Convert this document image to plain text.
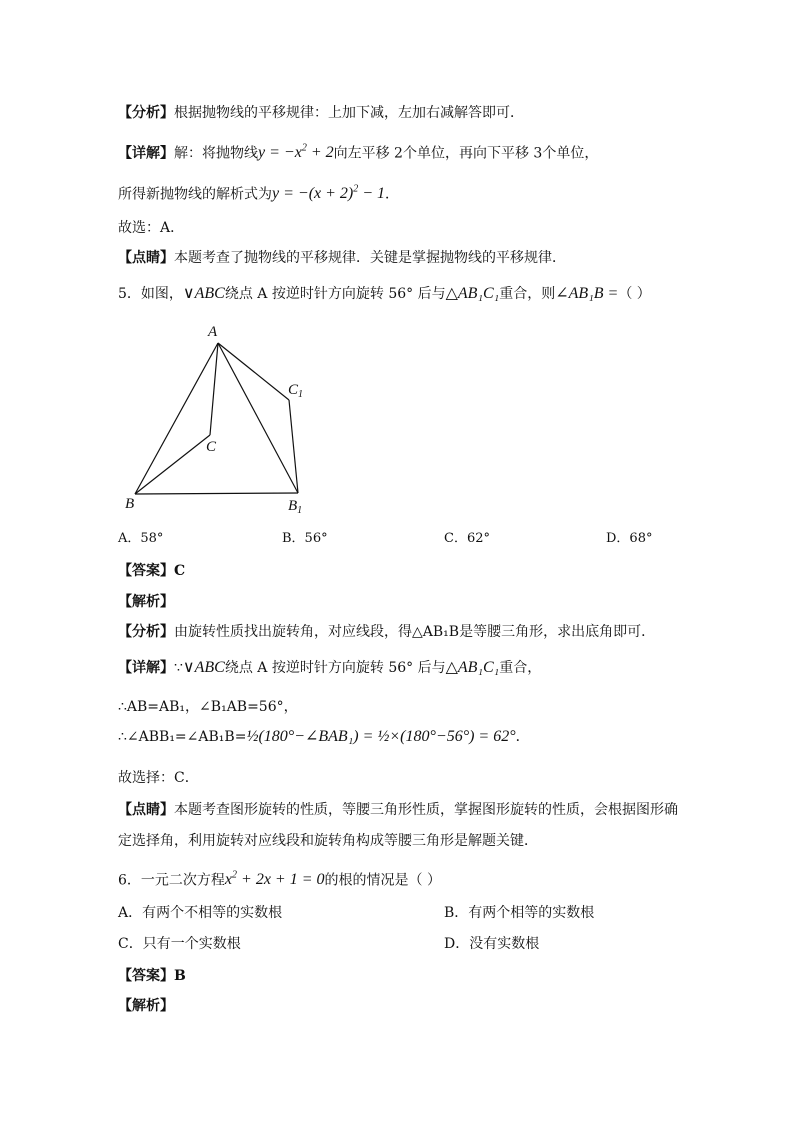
【分析】根据抛物线的平移规律：上加下减，左加右减解答即可．
【详解】解：将抛物线$y = -x^2 + 2$向左平移 2个单位，再向下平移 3个单位，
所得新抛物线的解析式为$y = -(x + 2)^2 - 1$．
故选：A．
【点睛】本题考查了抛物线的平移规律．关键是掌握抛物线的平移规律．
5．如图，∨ABC绕点 A 按逆时针方向旋转 56° 后与△AB₁C₁重合，则∠AB₁B =（ ）
A
$C_1$
C
B	$B_1$
A．58°	B．56°	C．62°	D．68°
【答案】C
【解析】
【分析】由旋转性质找出旋转角，对应线段，得△AB₁B是等腰三角形，求出底角即可．
【详解】∵∨ABC绕点 A 按逆时针方向旋转 56° 后与△AB₁C₁重合，
∴AB=AB₁，∠B₁AB=56°，
∴∠ABB₁=∠AB₁B=½(180°−∠BAB₁) = ½×(180°−56°) = 62°．
故选择：C．
【点睛】本题考查图形旋转的性质，等腰三角形性质，掌握图形旋转的性质，会根据图形确
定选择角，利用旋转对应线段和旋转角构成等腰三角形是解题关键．
6．一元二次方程$x^2 + 2x + 1 = 0$的根的情况是（ ）
A．有两个不相等的实数根	B．有两个相等的实数根
C．只有一个实数根	D．没有实数根
【答案】B
【解析】
